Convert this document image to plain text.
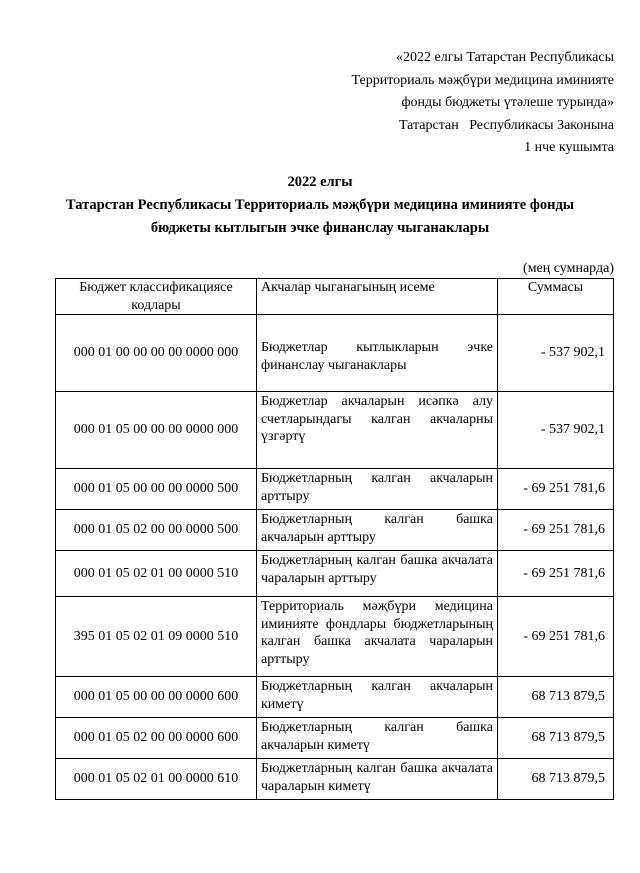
«2022 елгы Татарстан Республикасы
Территориаль мәҗбүри медицина иминияте
фонды бюджеты үтәлеше турында»
Татарстан   Республикасы Законына
1 нче кушымта
2022 елгы
Татарстан Республикасы Территориаль мәҗбүри медицина иминияте фонды
бюджеты кытлыгын эчке финанслау чыганаклары
(мең сумнарда)
Бюджет классификациясе кодлары	Акчалар чыганагының исеме	Суммасы
000 01 00 00 00 00 0000 000	Бюджетлар кытлыкларын эчке финанслау чыганаклары	- 537 902,1
000 01 05 00 00 00 0000 000	Бюджетлар акчаларын исәпкә алу счетларындагы калган акчаларны үзгәртү	- 537 902,1
000 01 05 00 00 00 0000 500	Бюджетларның калган акчаларын арттыру	- 69 251 781,6
000 01 05 02 00 00 0000 500	Бюджетларның калган башка акчаларын арттыру	- 69 251 781,6
000 01 05 02 01 00 0000 510	Бюджетларның калган башка акчалата чараларын арттыру	- 69 251 781,6
395 01 05 02 01 09 0000 510	Территориаль мәҗбүри медицина иминияте фондлары бюджетларының калган башка акчалата чараларын арттыру	- 69 251 781,6
000 01 05 00 00 00 0000 600	Бюджетларның калган акчаларын киметү	68 713 879,5
000 01 05 02 00 00 0000 600	Бюджетларның калган башка акчаларын киметү	68 713 879,5
000 01 05 02 01 00 0000 610	Бюджетларның калган башка акчалата чараларын киметү	68 713 879,5
